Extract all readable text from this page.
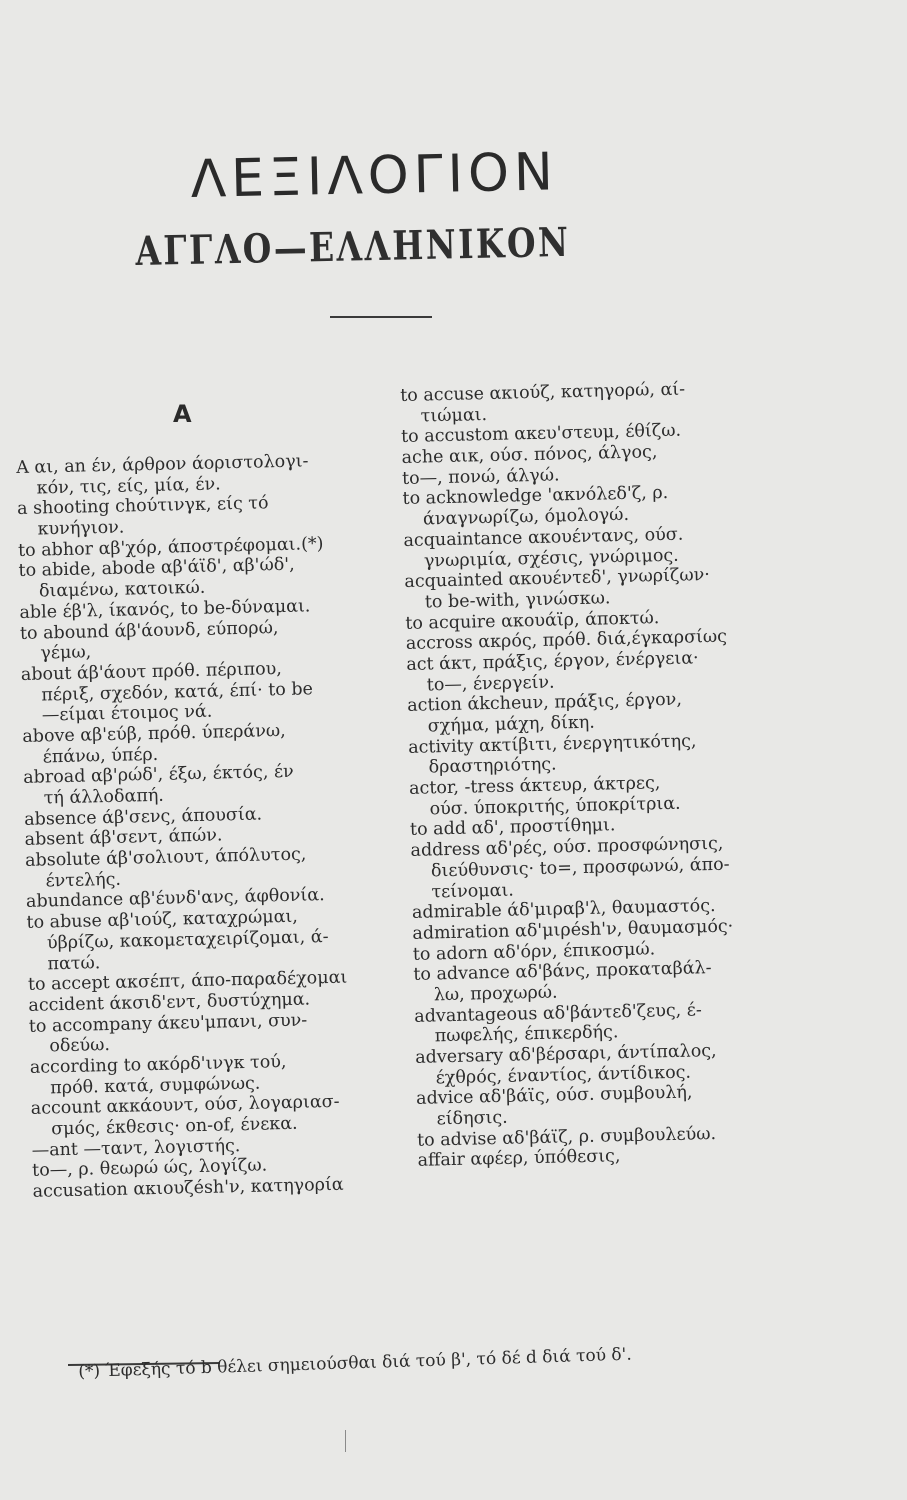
ΛΕΞΙΛΟΓΙΟΝ
ΑΓΓΛΟ—ΕΛΛΗΝΙΚΟΝ
A
A αι, an έν, άρθρον άοριστολογι-
κόν, τις, είς, μία, έν.
a shooting chούτινγκ, είς τό
κυνήγιον.
to abhor αβ'χόρ, άποστρέφομαι.(*)
to abide, abode αβ'άϊδ', αβ'ώδ',
διαμένω, κατοικώ.
able έβ'λ, ίκανός, to be-δύναμαι.
to abound άβ'άουνδ, εύπορώ,
γέμω,
about άβ'άουτ πρόθ. πέριπου,
πέριξ, σχεδόν, κατά, έπί· to be
—είμαι έτοιμος νά.
above αβ'εύβ, πρόθ. ύπεράνω,
έπάνω, ύπέρ.
abroad αβ'ρώδ', έξω, έκτός, έν
τή άλλοδαπή.
absence άβ'σενς, άπουσία.
absent άβ'σεντ, άπών.
absolute άβ'σολιουτ, άπόλυτος,
έντελής.
abundance αβ'έυνδ'ανς, άφθονία.
to abuse αβ'ιούζ, καταχρώμαι,
ύβρίζω, κακομεταχειρίζομαι, ά-
πατώ.
to accept ακσέπτ, άπο-παραδέχομαι
accident άκσιδ'εντ, δυστύχημα.
to accompany άκευ'μπανι, συν-
οδεύω.
according to ακόρδ'ινγκ τού,
πρόθ. κατά, συμφώνως.
account ακκάουντ, ούσ, λογαριασ-
σμός, έκθεσις· on-of, ένεκα.
—ant —ταντ, λογιστής.
to—, ρ. θεωρώ ώς, λογίζω.
accusation ακιουζésh'ν, κατηγορία
to accuse ακιούζ, κατηγορώ, αί-
τιώμαι.
to accustom ακευ'στευμ, έθίζω.
ache αικ, ούσ. πόνος, άλγος,
to—, πονώ, άλγώ.
to acknowledge 'ακνόλεδ'ζ, ρ.
άναγνωρίζω, όμολογώ.
acquaintance ακουέντανς, ούσ.
γνωριμία, σχέσις, γνώριμος.
acquainted ακουέντεδ', γνωρίζων·
to be-with, γινώσκω.
to acquire ακουάϊρ, άποκτώ.
accross ακρός, πρόθ. διά,έγκαρσίως
act άκτ, πράξις, έργον, ένέργεια·
to—, ένεργείν.
action άkcheuν, πράξις, έργον,
σχήμα, μάχη, δίκη.
activity ακτίβιτι, ένεργητικότης,
δραστηριότης.
actor, -tress άκτευρ, άκτρες,
ούσ. ύποκριτής, ύποκρίτρια.
to add αδ', προστίθημι.
address αδ'ρές, ούσ. προσφώνησις,
διεύθυνσις· to=, προσφωνώ, άπο-
τείνομαι.
admirable άδ'μιραβ'λ, θαυμαστός.
admiration αδ'μιρésh'ν, θαυμασμός·
to adorn αδ'όρν, έπικοσμώ.
to advance αδ'βάνς, προκαταβάλ-
λω, προχωρώ.
advantageous αδ'βάντεδ'ζευς, έ-
πωφελής, έπικερδής.
adversary αδ'βέρσαρι, άντίπαλος,
έχθρός, έναντίος, άντίδικος.
advice αδ'βάϊς, ούσ. συμβουλή,
είδησις.
to advise αδ'βάϊζ, ρ. συμβουλεύω.
affair αφέερ, ύπόθεσις,

(*) Έφεξής τό b θέλει σημειούσθαι διά τού β', τό δέ d διά τού δ'.
